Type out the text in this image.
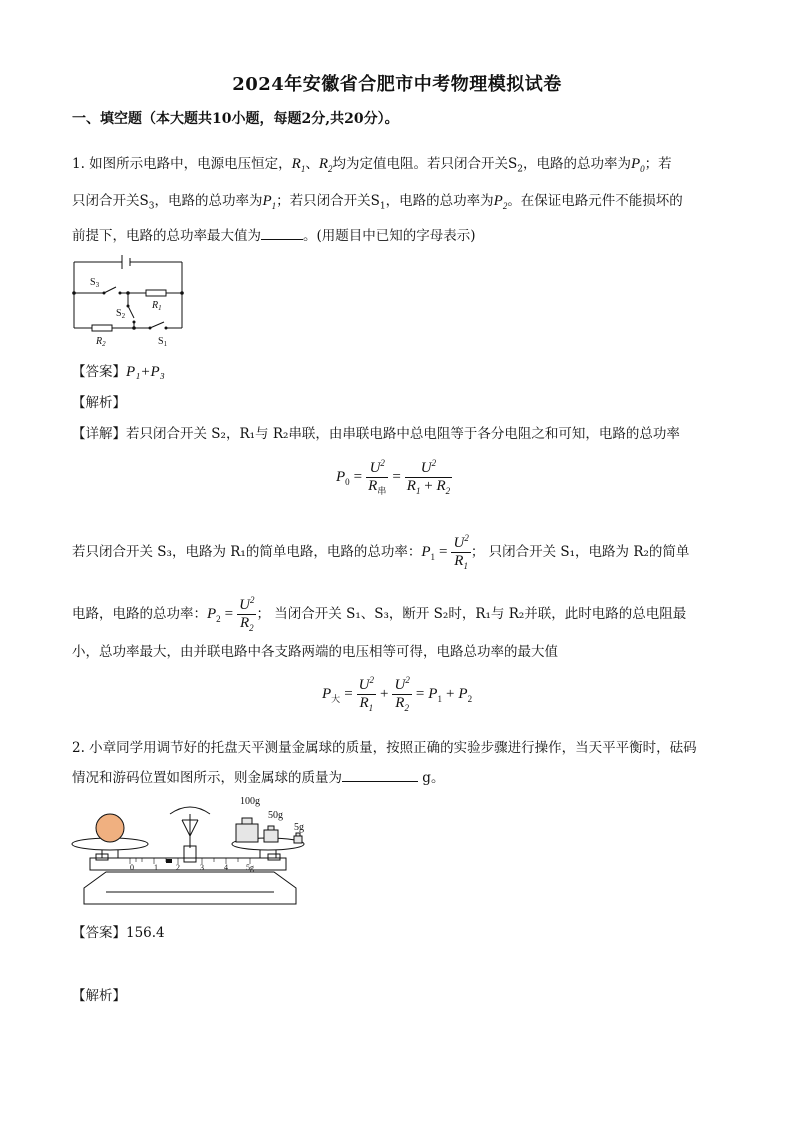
2024年安徽省合肥市中考物理模拟试卷
一、填空题（本大题共10小题，每题2分,共20分）。
1. 如图所示电路中，电源电压恒定，$R_1$、$R_2$均为定值电阻。若只闭合开关$S_2$，电路的总功率为$P_0$；若
只闭合开关$S_3$，电路的总功率为$P_1$；若只闭合开关$S_1$，电路的总功率为$P_2$。在保证电路元件不能损坏的
前提下，电路的总功率最大值为	。(用题目中已知的字母表示)
$S_3$
$R_1$
$S_2$
$R_2$	$S_1$
【答案】P₁+P₃
【解析】
【详解】若只闭合开关 S₂，R₁与 R₂串联，由串联电路中总电阻等于各分电阻之和可知，电路的总功率
$P_0 = \frac{U^2}{R_串} = \frac{U^2}{R_1 + R_2}$
若只闭合开关 S₃，电路为 R₁的简单电路，电路的总功率：$P_1 = \frac{U^2}{R_1}$ ； 只闭合开关 S₁，电路为 R₂的简单
电路，电路的总功率：$P_2 = \frac{U^2}{R_2}$ ； 当闭合开关 S₁、S₃，断开 S₂时，R₁与 R₂并联，此时电路的总电阻最
小，总功率最大，由并联电路中各支路两端的电压相等可得，电路总功率的最大值
$P_大 = \frac{U^2}{R_1} + \frac{U^2}{R_2} = P_1 + P_2$
2. 小章同学用调节好的托盘天平测量金属球的质量，按照正确的实验步骤进行操作，当天平平衡时，砝码
情况和游码位置如图所示，则金属球的质量为	g。
100g
50g
5g
0	1 2	3	4 5g
【答案】156.4
【解析】
